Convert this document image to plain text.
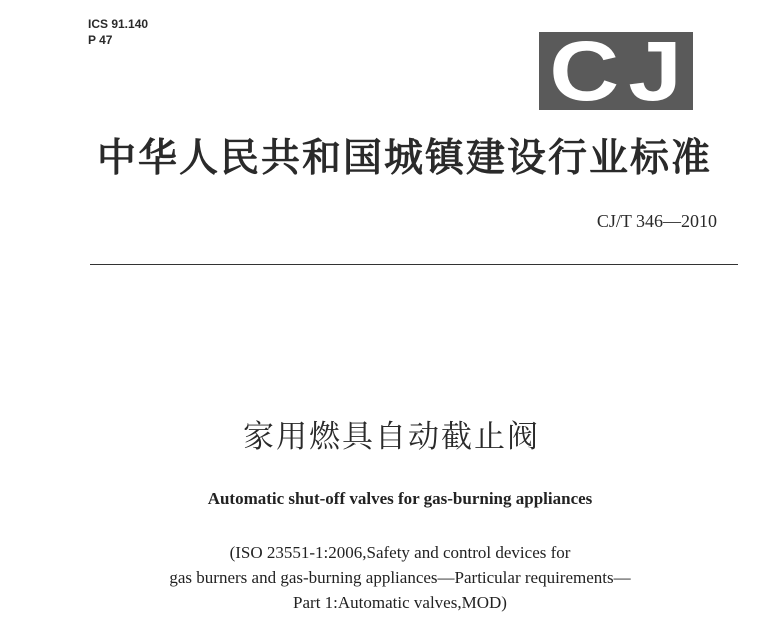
ICS 91.140
P 47	CJ
中华人民共和国城镇建设行业标准
CJ/T 346—2010
家用燃具自动截止阀
Automatic shut-off valves for gas-burning appliances
(ISO 23551-1:2006,Safety and control devices for
gas burners and gas-burning appliances—Particular requirements—
Part 1:Automatic valves,MOD)
